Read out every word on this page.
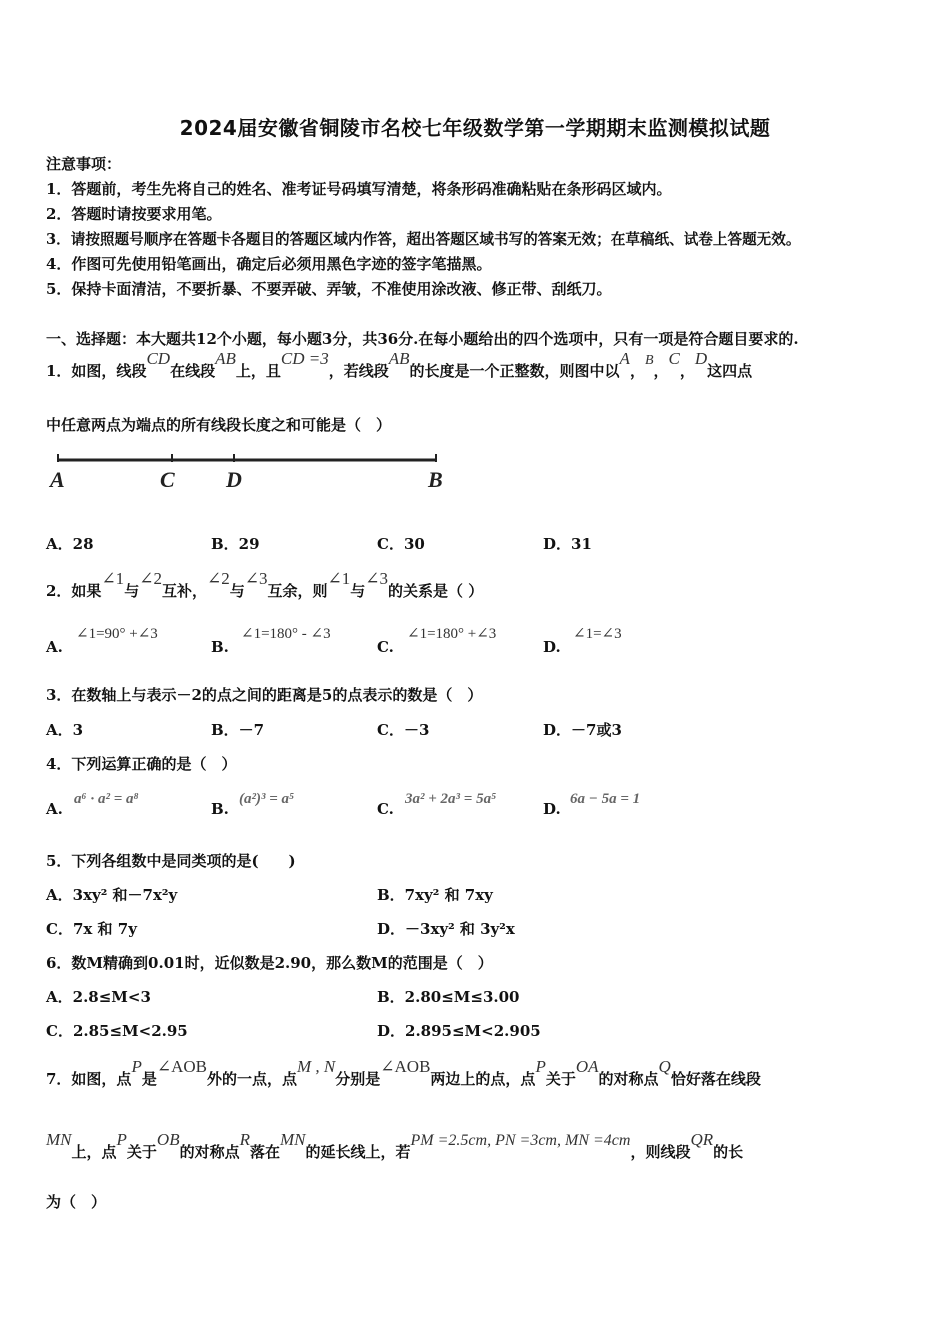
2024届安徽省铜陵市名校七年级数学第一学期期末监测模拟试题
注意事项：
1．答题前，考生先将自己的姓名、准考证号码填写清楚，将条形码准确粘贴在条形码区域内。
2．答题时请按要求用笔。
3．请按照题号顺序在答题卡各题目的答题区域内作答，超出答题区域书写的答案无效；在草稿纸、试卷上答题无效。
4．作图可先使用铅笔画出，确定后必须用黑色字迹的签字笔描黑。
5．保持卡面清洁，不要折暴、不要弄破、弄皱，不准使用涂改液、修正带、刮纸刀。
一、选择题：本大题共12个小题，每小题3分，共36分.在每小题给出的四个选项中，只有一项是符合题目要求的.
1．如图，线段CD在线段AB上，且CD =3，若线段AB的长度是一个正整数，则图中以A，B，C，D这四点
中任意两点为端点的所有线段长度之和可能是（　）
A	C D	B
A．28	B．29	C．30	D．31
2．如果∠1与∠2互补，∠2与∠3互余，则∠1与∠3的关系是（ ）
A.
∠1=90° +∠3
B.
∠1=180° - ∠3
C.
∠1=180° +∠3
D.
∠1=∠3
3．在数轴上与表示－2的点之间的距离是5的点表示的数是（　）
A．3	B．－7	C．－3	D．－7或3
4．下列运算正确的是（　）
A.
a⁶ · a² = a⁸
B.
(a²)³ = a⁵
C.
3a² + 2a³ = 5a⁵
D.
6a − 5a = 1
5．下列各组数中是同类项的是(　　)
A．3xy² 和－7x²y	B．7xy² 和 7xy
C．7x 和 7y	D．－3xy² 和 3y²x
6．数M精确到0.01时，近似数是2.90，那么数M的范围是（　）
A．2.8≤M<3	B．2.80≤M≤3.00
C．2.85≤M<2.95	D．2.895≤M<2.905
7．如图，点P是∠AOB外的一点，点M , N分别是∠AOB两边上的点，点P关于OA的对称点Q恰好落在线段
MN上，点P关于OB的对称点R落在MN的延长线上，若PM =2.5cm, PN =3cm, MN =4cm，则线段QR的长
为（　）
